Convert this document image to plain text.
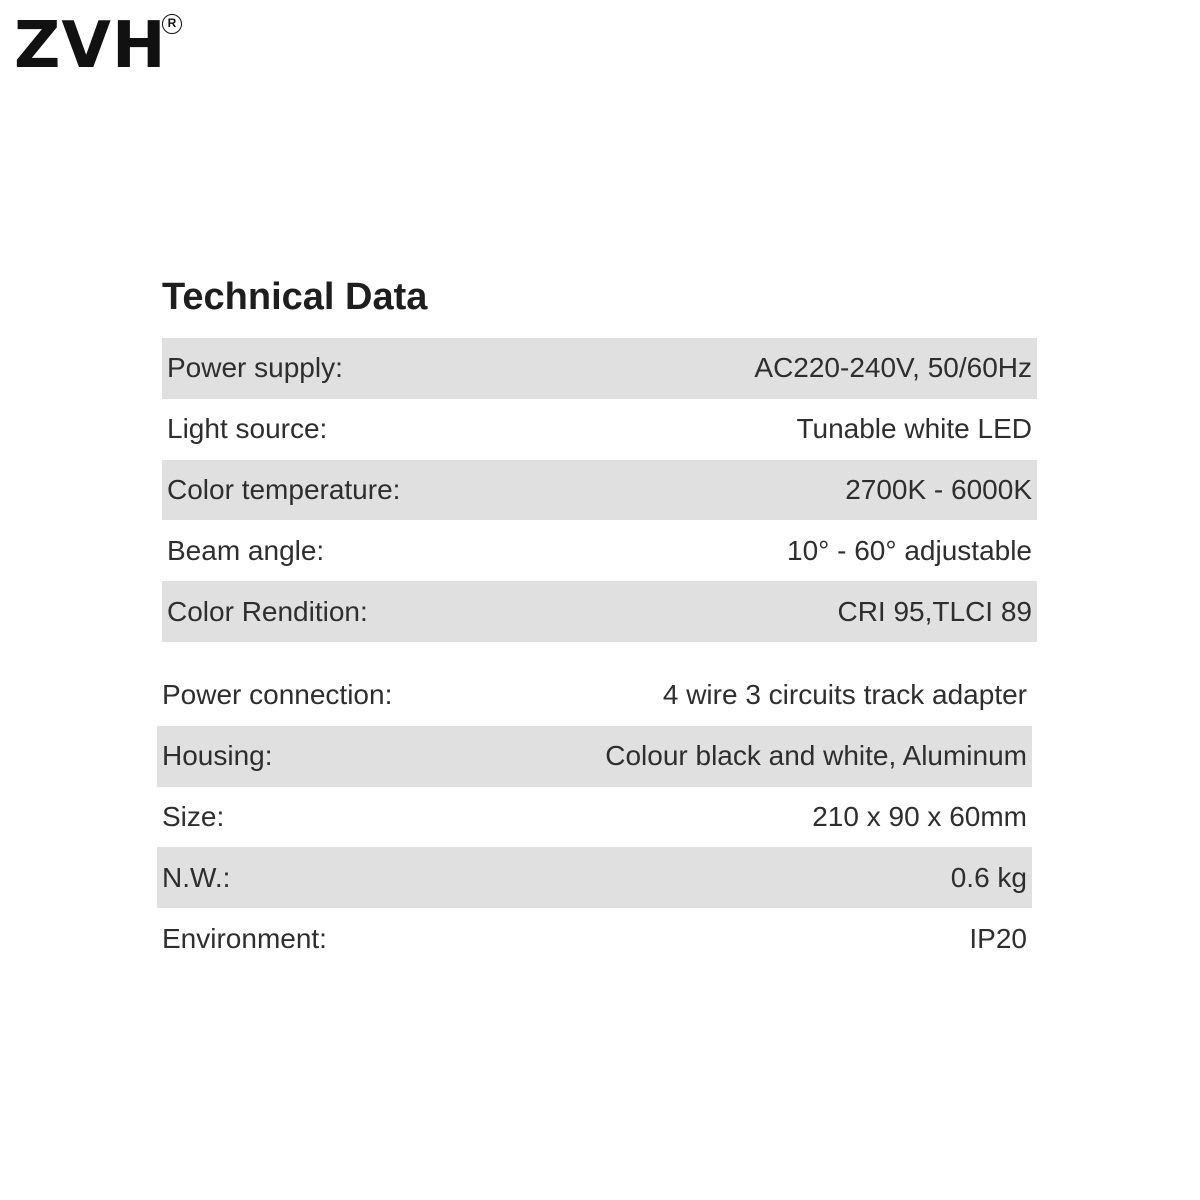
ZVH R
Technical Data
Power supply:	AC220-240V, 50/60Hz
Light source:	Tunable white LED
Color temperature:	2700K - 6000K
Beam angle:	10° - 60° adjustable
Color Rendition:	CRI 95,TLCI 89
Power connection:	4 wire 3 circuits track adapter
Housing:	Colour black and white, Aluminum
Size:	210 x 90 x 60mm
N.W.:	0.6 kg
Environment:	IP20
